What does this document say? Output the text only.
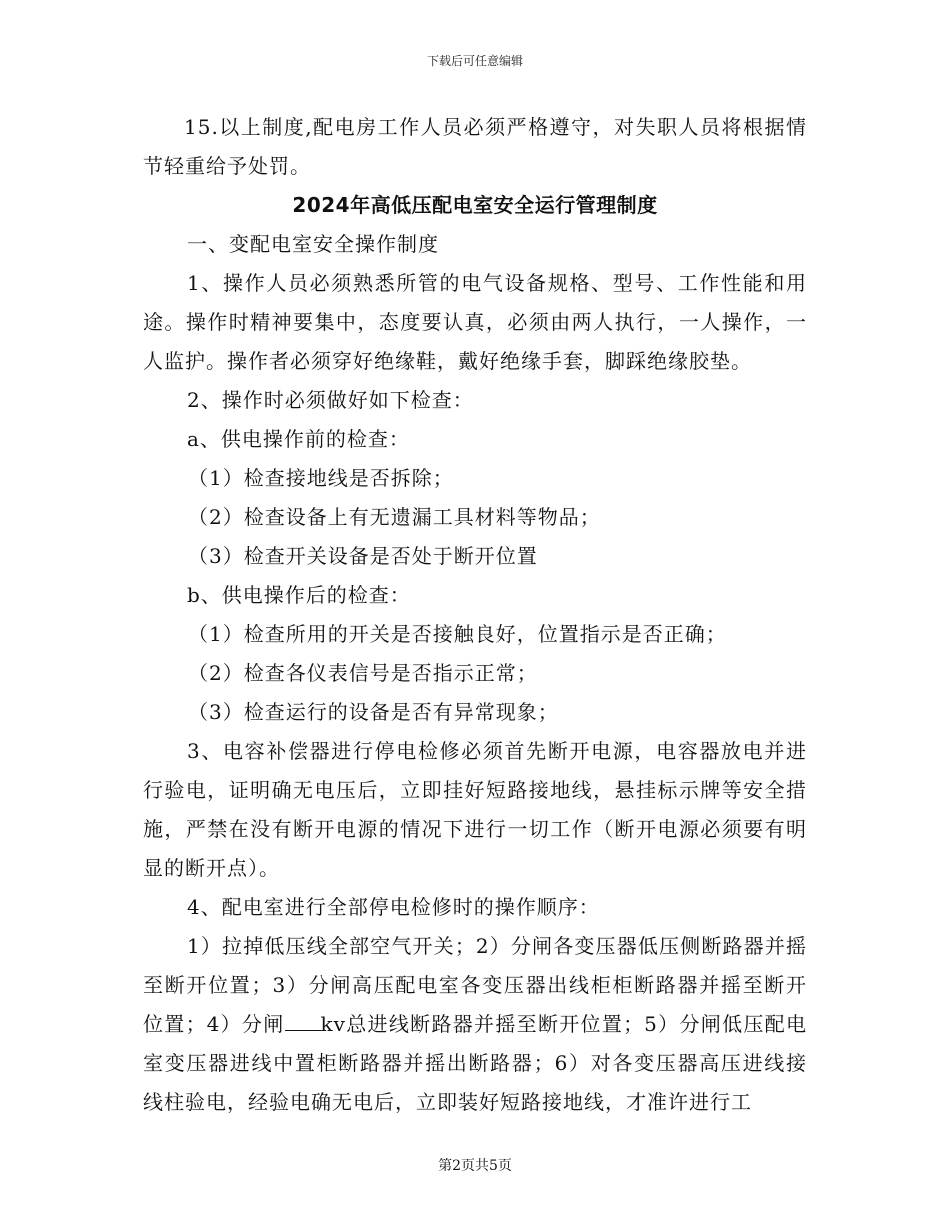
下载后可任意编辑

15.以上制度,配电房工作人员必须严格遵守，对失职人员将根据情节轻重给予处罚。

2024年高低压配电室安全运行管理制度

一、变配电室安全操作制度

1、操作人员必须熟悉所管的电气设备规格、型号、工作性能和用途。操作时精神要集中，态度要认真，必须由两人执行，一人操作，一人监护。操作者必须穿好绝缘鞋，戴好绝缘手套，脚踩绝缘胶垫。

2、操作时必须做好如下检查：

a、供电操作前的检查：

（1）检查接地线是否拆除；

（2）检查设备上有无遗漏工具材料等物品；

（3）检查开关设备是否处于断开位置

b、供电操作后的检查：

（1）检查所用的开关是否接触良好，位置指示是否正确；

（2）检查各仪表信号是否指示正常；

（3）检查运行的设备是否有异常现象；

3、电容补偿器进行停电检修必须首先断开电源，电容器放电并进行验电，证明确无电压后，立即挂好短路接地线，悬挂标示牌等安全措施，严禁在没有断开电源的情况下进行一切工作（断开电源必须要有明显的断开点）。

4、配电室进行全部停电检修时的操作顺序：

1）拉掉低压线全部空气开关；2）分闸各变压器低压侧断路器并摇至断开位置；3）分闸高压配电室各变压器出线柜柜断路器并摇至断开位置；4）分闸 kv总进线断路器并摇至断开位置；5）分闸低压配电室变压器进线中置柜断路器并摇出断路器；6）对各变压器高压进线接线柱验电，经验电确无电后，立即装好短路接地线，才准许进行工

第2页共5页
